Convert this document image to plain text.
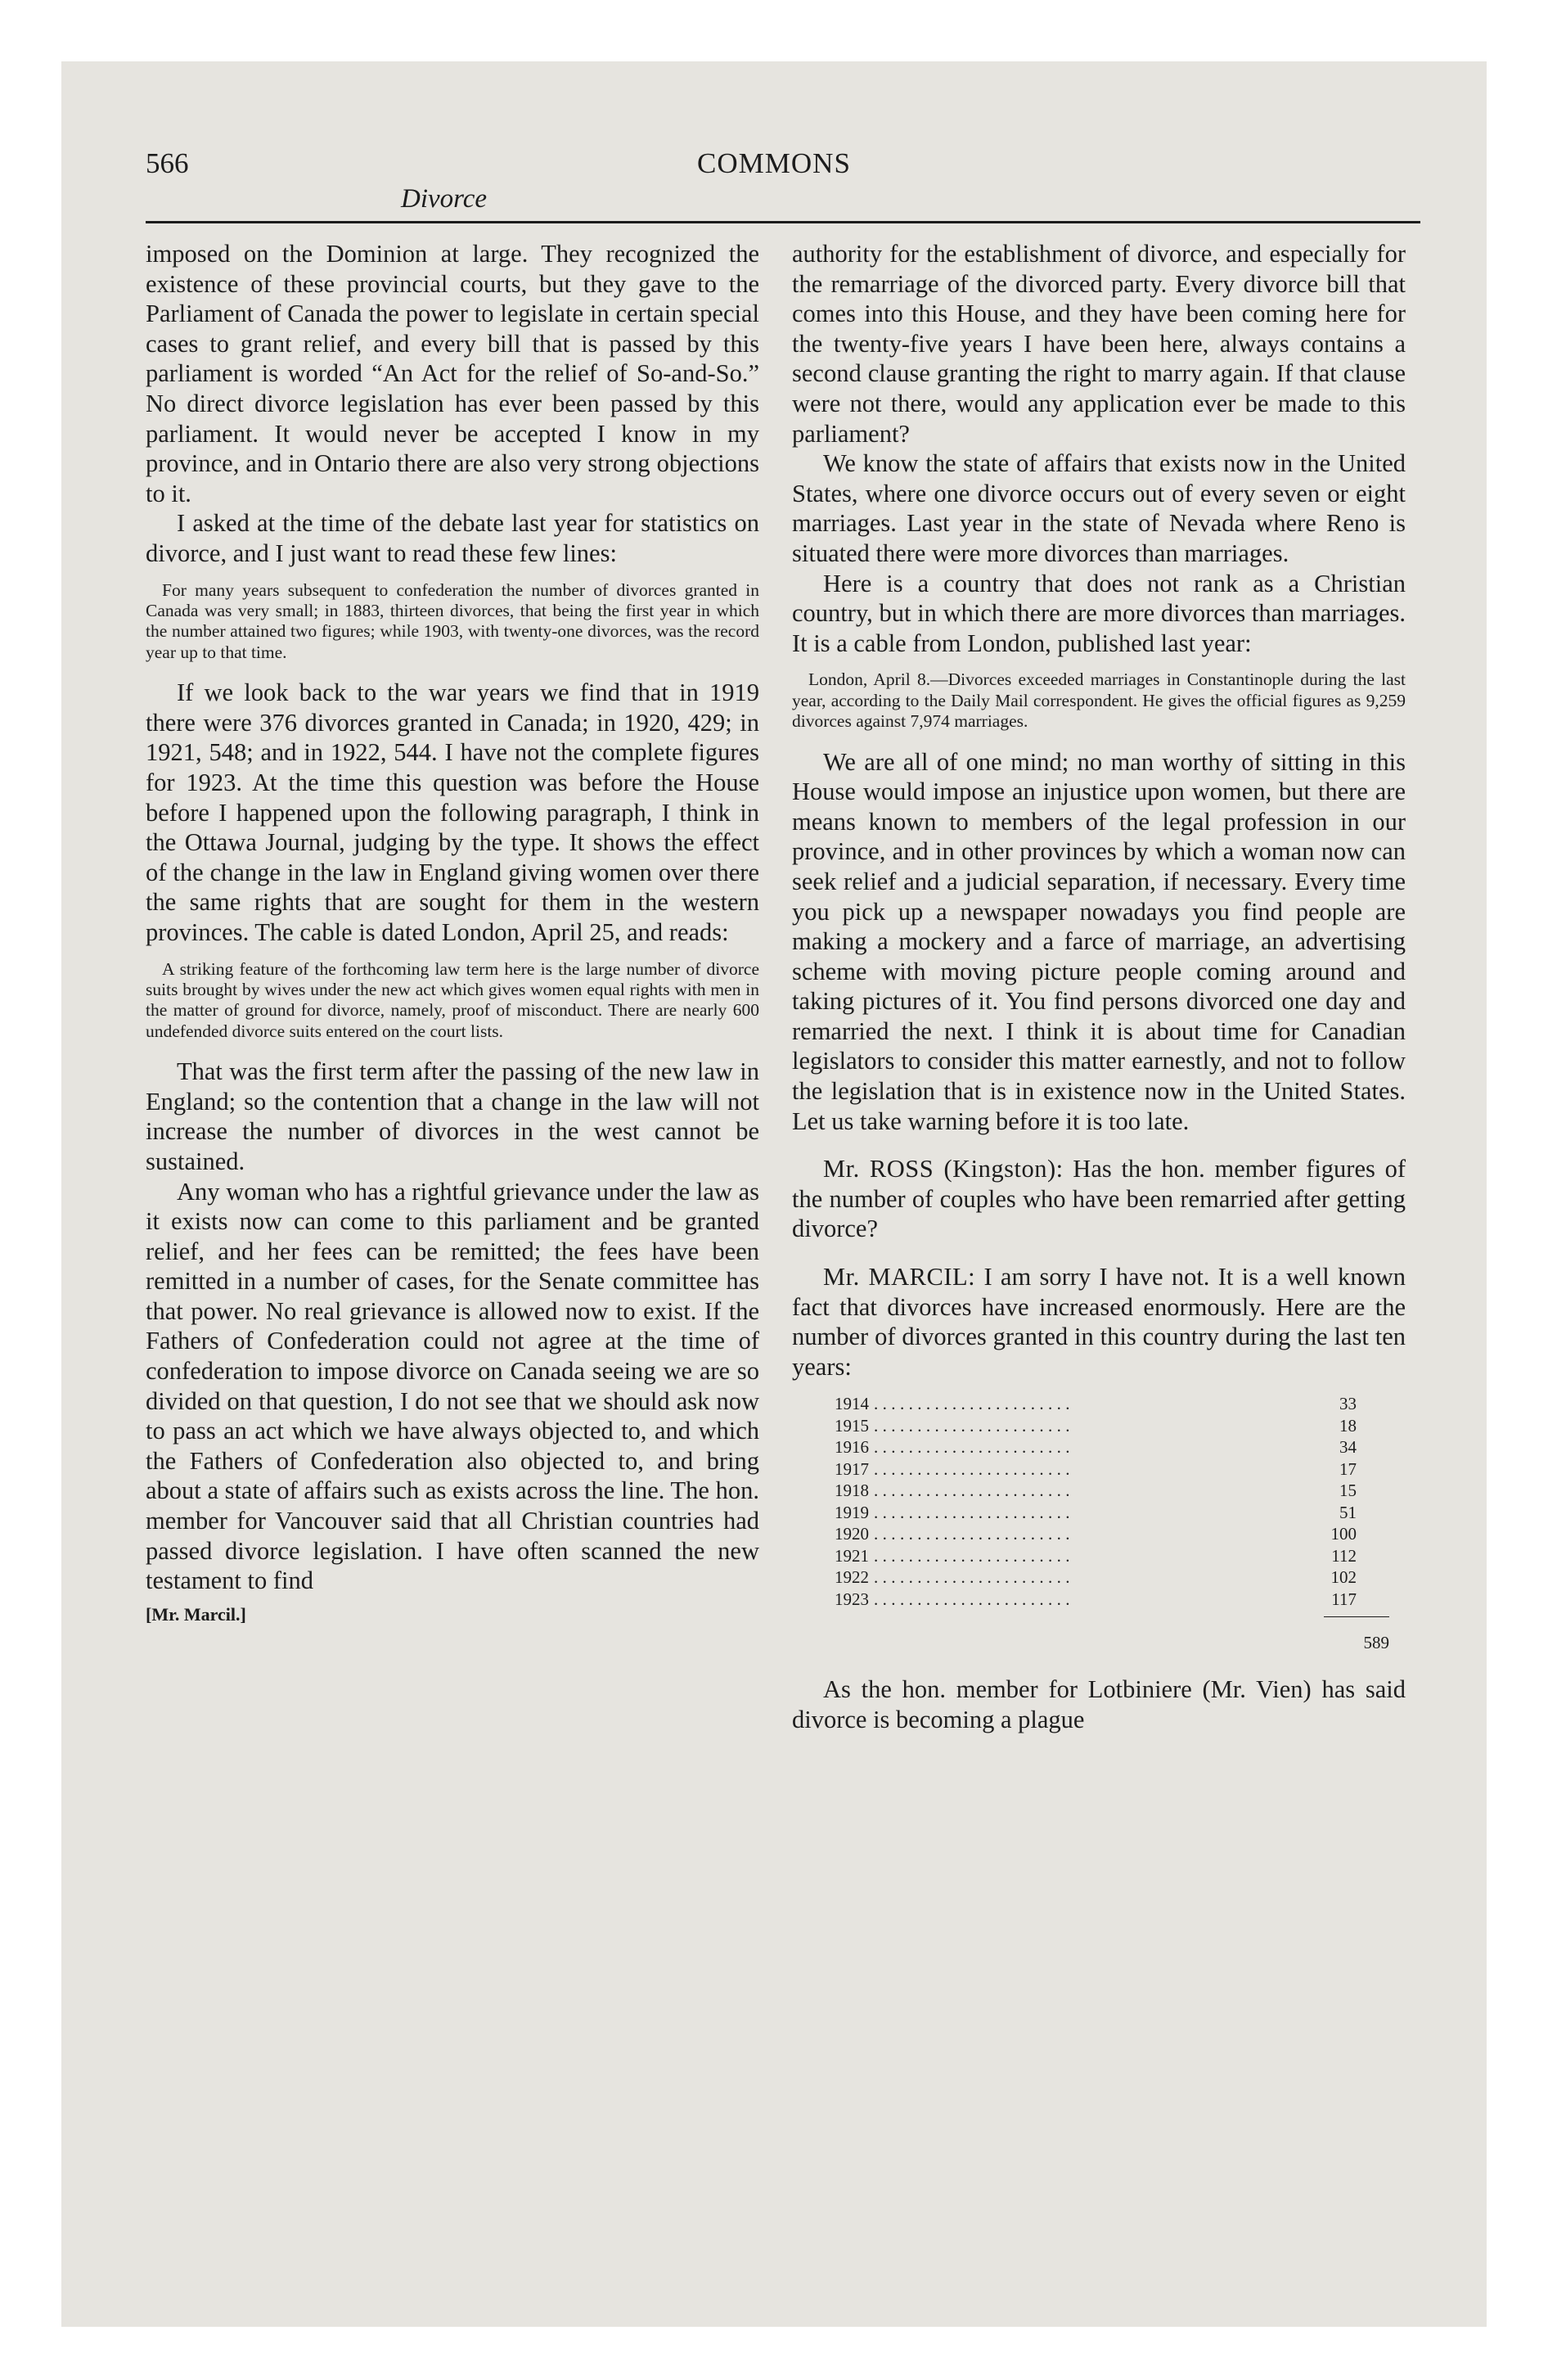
566	COMMONS
Divorce

imposed on the Dominion at large. They recognized the existence of these provincial courts, but they gave to the Parliament of Canada the power to legislate in certain special cases to grant relief, and every bill that is passed by this parliament is worded “An Act for the relief of So-and-So.” No direct divorce legislation has ever been passed by this parliament. It would never be accepted I know in my province, and in Ontario there are also very strong objections to it.

I asked at the time of the debate last year for statistics on divorce, and I just want to read these few lines:

For many years subsequent to confederation the number of divorces granted in Canada was very small; in 1883, thirteen divorces, that being the first year in which the number attained two figures; while 1903, with twenty-one divorces, was the record year up to that time.

If we look back to the war years we find that in 1919 there were 376 divorces granted in Canada; in 1920, 429; in 1921, 548; and in 1922, 544. I have not the complete figures for 1923. At the time this question was before the House before I happened upon the following paragraph, I think in the Ottawa Journal, judging by the type. It shows the effect of the change in the law in England giving women over there the same rights that are sought for them in the western provinces. The cable is dated London, April 25, and reads:

A striking feature of the forthcoming law term here is the large number of divorce suits brought by wives under the new act which gives women equal rights with men in the matter of ground for divorce, namely, proof of misconduct. There are nearly 600 undefended divorce suits entered on the court lists.

That was the first term after the passing of the new law in England; so the contention that a change in the law will not increase the number of divorces in the west cannot be sustained.

Any woman who has a rightful grievance under the law as it exists now can come to this parliament and be granted relief, and her fees can be remitted; the fees have been remitted in a number of cases, for the Senate committee has that power. No real grievance is allowed now to exist. If the Fathers of Confederation could not agree at the time of confederation to impose divorce on Canada seeing we are so divided on that question, I do not see that we should ask now to pass an act which we have always objected to, and which the Fathers of Confederation also objected to, and bring about a state of affairs such as exists across the line. The hon. member for Vancouver said that all Christian countries had passed divorce legislation. I have often scanned the new testament to find

[Mr. Marcil.]

authority for the establishment of divorce, and especially for the remarriage of the divorced party. Every divorce bill that comes into this House, and they have been coming here for the twenty-five years I have been here, always contains a second clause granting the right to marry again. If that clause were not there, would any application ever be made to this parliament?

We know the state of affairs that exists now in the United States, where one divorce occurs out of every seven or eight marriages. Last year in the state of Nevada where Reno is situated there were more divorces than marriages.

Here is a country that does not rank as a Christian country, but in which there are more divorces than marriages. It is a cable from London, published last year:

London, April 8.—Divorces exceeded marriages in Constantinople during the last year, according to the Daily Mail correspondent. He gives the official figures as 9,259 divorces against 7,974 marriages.

We are all of one mind; no man worthy of sitting in this House would impose an injustice upon women, but there are means known to members of the legal profession in our province, and in other provinces by which a woman now can seek relief and a judicial separation, if necessary. Every time you pick up a newspaper nowadays you find people are making a mockery and a farce of marriage, an advertising scheme with moving picture people coming around and taking pictures of it. You find persons divorced one day and remarried the next. I think it is about time for Canadian legislators to consider this matter earnestly, and not to follow the legislation that is in existence now in the United States. Let us take warning before it is too late.

Mr. ROSS (Kingston): Has the hon. member figures of the number of couples who have been remarried after getting divorce?

Mr. MARCIL: I am sorry I have not. It is a well known fact that divorces have increased enormously. Here are the number of divorces granted in this country during the last ten years:

1914	.......................	33
1915	.......................	18
1916	.......................	34
1917	.......................	17
1918	.......................	15
1919	.......................	51
1920	.......................	100
1921	.......................	112
1922	.......................	102
1923	.......................	117
589

As the hon. member for Lotbiniere (Mr. Vien) has said divorce is becoming a plague
